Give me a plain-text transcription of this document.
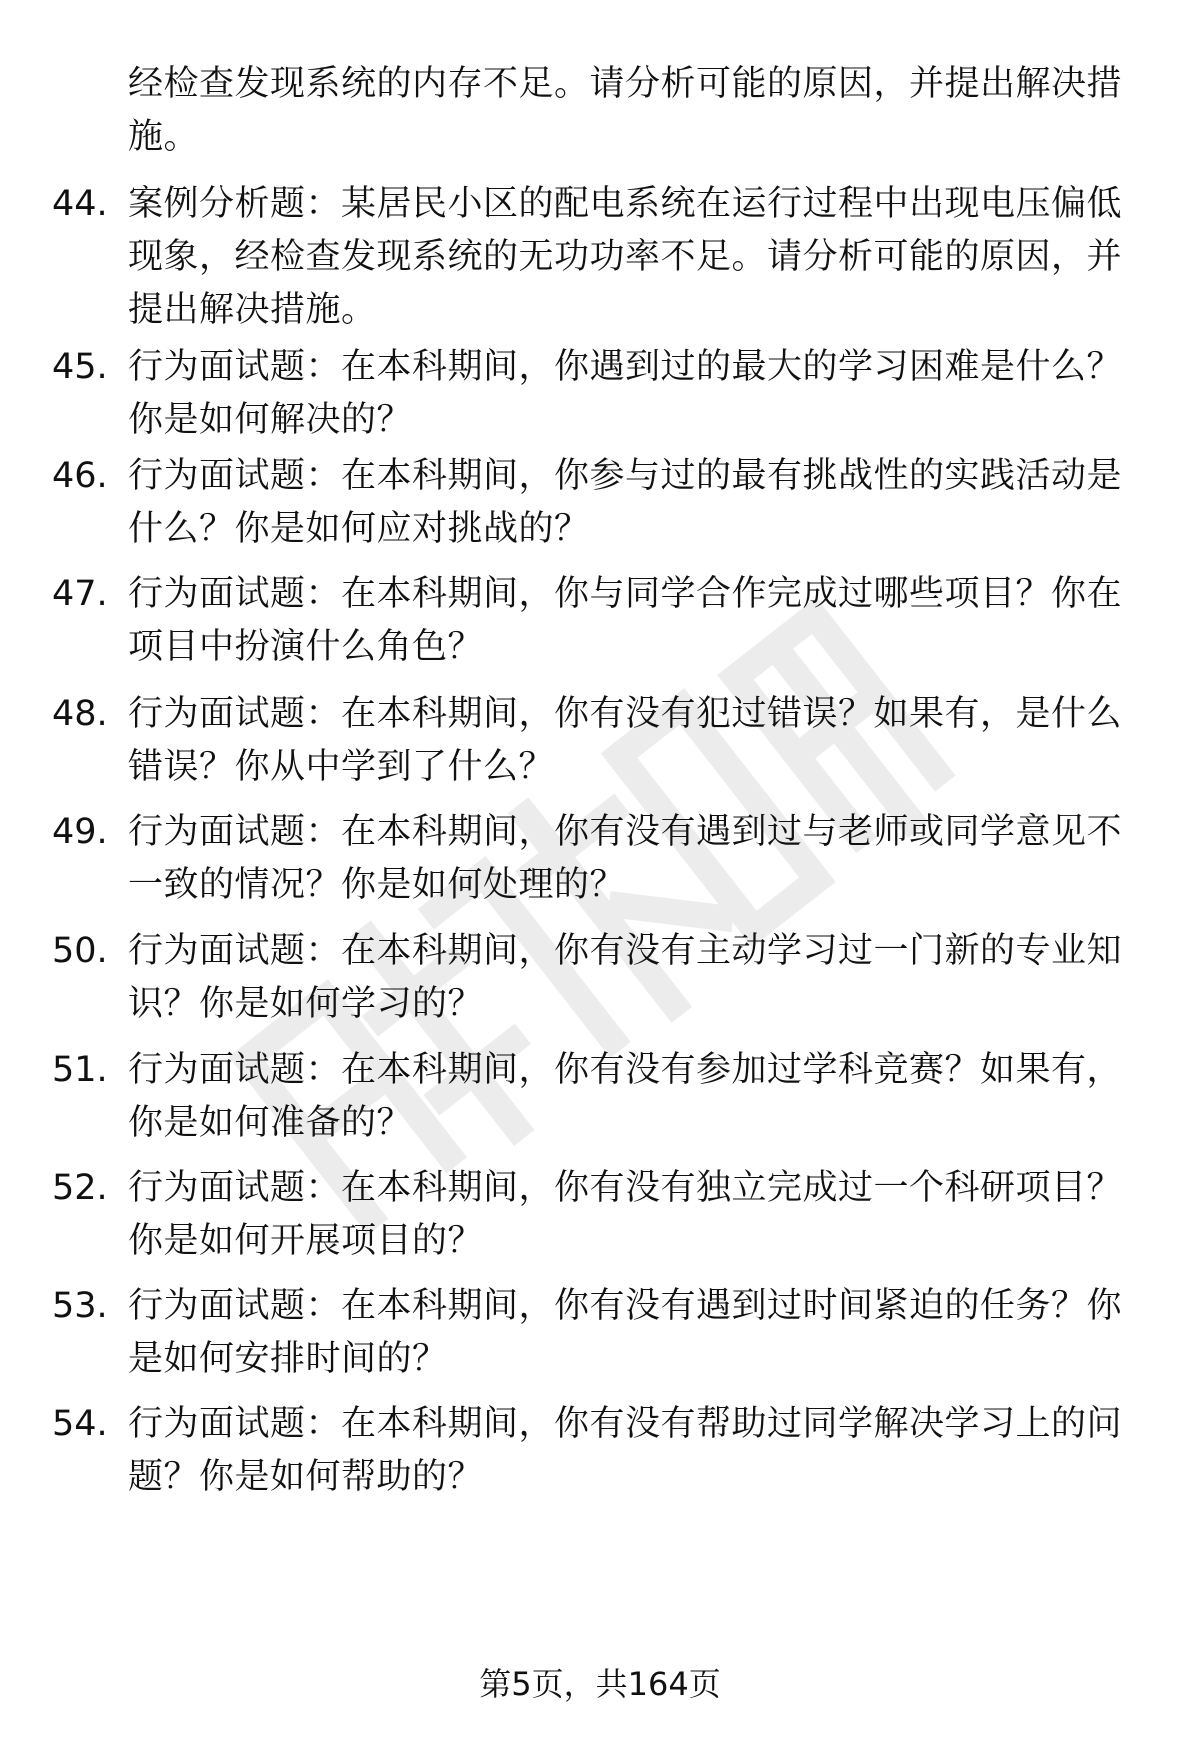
经检查发现系统的内存不足。请分析可能的原因，并提出解决措施。
44. 案例分析题：某居民小区的配电系统在运行过程中出现电压偏低现象，经检查发现系统的无功功率不足。请分析可能的原因，并提出解决措施。
45. 行为面试题：在本科期间，你遇到过的最大的学习困难是什么？你是如何解决的？
46. 行为面试题：在本科期间，你参与过的最有挑战性的实践活动是什么？你是如何应对挑战的？
47. 行为面试题：在本科期间，你与同学合作完成过哪些项目？你在项目中扮演什么角色？
48. 行为面试题：在本科期间，你有没有犯过错误？如果有，是什么错误？你从中学到了什么？
49. 行为面试题：在本科期间，你有没有遇到过与老师或同学意见不一致的情况？你是如何处理的？
50. 行为面试题：在本科期间，你有没有主动学习过一门新的专业知识？你是如何学习的？
51. 行为面试题：在本科期间，你有没有参加过学科竞赛？如果有，你是如何准备的？
52. 行为面试题：在本科期间，你有没有独立完成过一个科研项目？你是如何开展项目的？
53. 行为面试题：在本科期间，你有没有遇到过时间紧迫的任务？你是如何安排时间的？
54. 行为面试题：在本科期间，你有没有帮助过同学解决学习上的问题？你是如何帮助的？
第5页，共164页
